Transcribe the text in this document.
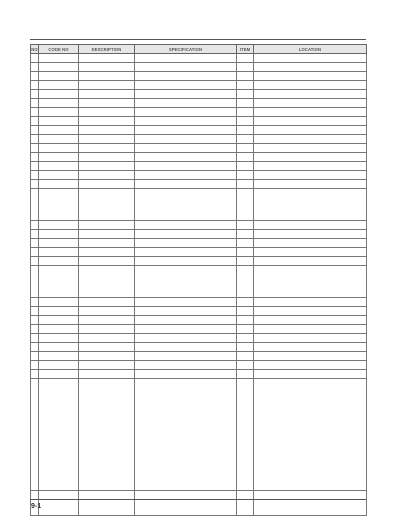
NO	CODE NO	DESCRIPTION	SPECIFICATION	ITEM	LOCATION

9-1
